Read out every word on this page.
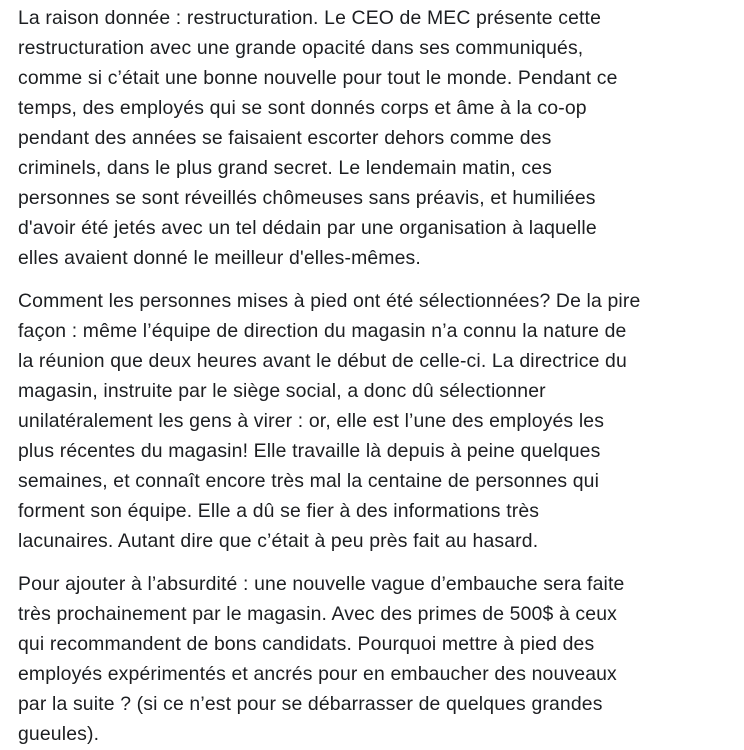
La raison donnée : restructuration. Le CEO de MEC présente cette
restructuration avec une grande opacité dans ses communiqués,
comme si c’était une bonne nouvelle pour tout le monde. Pendant ce
temps, des employés qui se sont donnés corps et âme à la co-op
pendant des années se faisaient escorter dehors comme des
criminels, dans le plus grand secret. Le lendemain matin, ces
personnes se sont réveillés chômeuses sans préavis, et humiliées
d'avoir été jetés avec un tel dédain par une organisation à laquelle
elles avaient donné le meilleur d'elles-mêmes.

Comment les personnes mises à pied ont été sélectionnées? De la pire
façon : même l’équipe de direction du magasin n’a connu la nature de
la réunion que deux heures avant le début de celle-ci. La directrice du
magasin, instruite par le siège social, a donc dû sélectionner
unilatéralement les gens à virer : or, elle est l’une des employés les
plus récentes du magasin! Elle travaille là depuis à peine quelques
semaines, et connaît encore très mal la centaine de personnes qui
forment son équipe. Elle a dû se fier à des informations très
lacunaires. Autant dire que c’était à peu près fait au hasard.

Pour ajouter à l’absurdité : une nouvelle vague d’embauche sera faite
très prochainement par le magasin. Avec des primes de 500$ à ceux
qui recommandent de bons candidats. Pourquoi mettre à pied des
employés expérimentés et ancrés pour en embaucher des nouveaux
par la suite ? (si ce n’est pour se débarrasser de quelques grandes
gueules).
